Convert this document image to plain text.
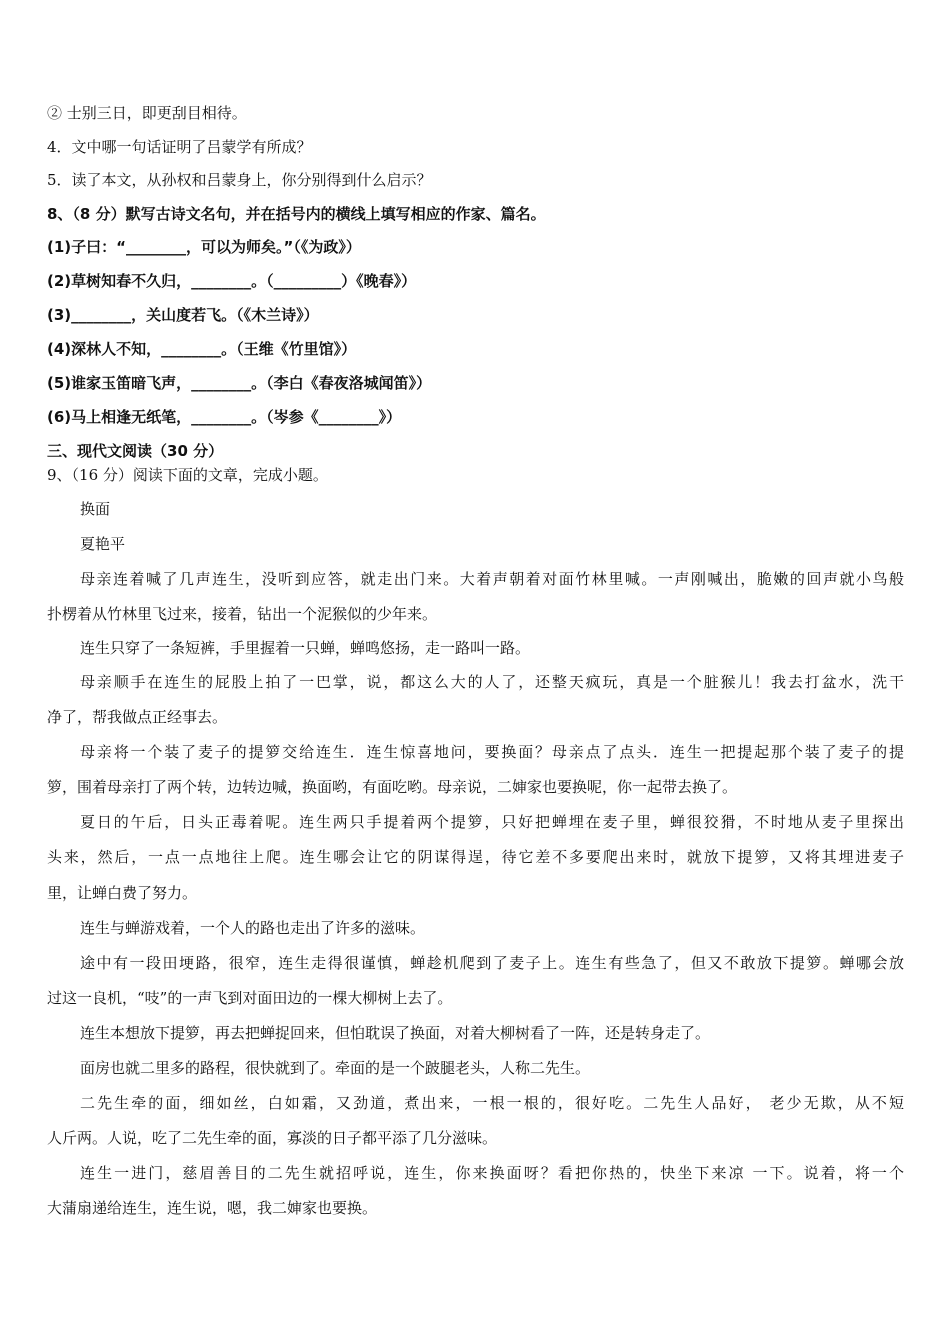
② 士别三日，即更刮目相待。
4．文中哪一句话证明了吕蒙学有所成？
5．读了本文，从孙权和吕蒙身上，你分别得到什么启示？
8、（8 分）默写古诗文名句，并在括号内的横线上填写相应的作家、篇名。
(1)子曰：“________，可以为师矣。”（《为政》）
(2)草树知春不久归，________。（_________）《晚春》）
(3)________，关山度若飞。（《木兰诗》）
(4)深林人不知，________。（王维《竹里馆》）
(5)谁家玉笛暗飞声，________。（李白《春夜洛城闻笛》）
(6)马上相逢无纸笔，________。（岑参《________》）
三、现代文阅读（30 分）
9、（16 分）阅读下面的文章，完成小题。
换面
夏艳平
母亲连着喊了几声连生，没听到应答，就走出门来。大着声朝着对面竹林里喊。一声刚喊出，脆嫩的回声就小鸟般
扑楞着从竹林里飞过来，接着，钻出一个泥猴似的少年来。
连生只穿了一条短裤，手里握着一只蝉，蝉鸣悠扬，走一路叫一路。
母亲顺手在连生的屁股上拍了一巴掌，说，都这么大的人了，还整天疯玩，真是一个脏猴儿！我去打盆水，洗干
净了，帮我做点正经事去。
母亲将一个装了麦子的提箩交给连生．连生惊喜地问，要换面？母亲点了点头．连生一把提起那个装了麦子的提
箩，围着母亲打了两个转，边转边喊，换面哟，有面吃哟。母亲说，二婶家也要换呢，你一起带去换了。
夏日的午后，日头正毒着呢。连生两只手提着两个提箩，只好把蝉埋在麦子里，蝉很狡猾，不时地从麦子里探出
头来，然后，一点一点地往上爬。连生哪会让它的阴谋得逞，待它差不多要爬出来时，就放下提箩，又将其埋进麦子
里，让蝉白费了努力。
连生与蝉游戏着，一个人的路也走出了许多的滋味。
途中有一段田埂路，很窄，连生走得很谨慎，蝉趁机爬到了麦子上。连生有些急了，但又不敢放下提箩。蝉哪会放
过这一良机，“吱”的一声飞到对面田边的一棵大柳树上去了。
连生本想放下提箩，再去把蝉捉回来，但怕耽误了换面，对着大柳树看了一阵，还是转身走了。
面房也就二里多的路程，很快就到了。牵面的是一个跛腿老头，人称二先生。
二先生牵的面，细如丝，白如霜，又劲道，煮出来，一根一根的，很好吃。二先生人品好， 老少无欺，从不短
人斤两。人说，吃了二先生牵的面，寡淡的日子都平添了几分滋味。
连生一进门，慈眉善目的二先生就招呼说，连生，你来换面呀？看把你热的，快坐下来凉 一下。说着，将一个
大蒲扇递给连生，连生说，嗯，我二婶家也要换。
